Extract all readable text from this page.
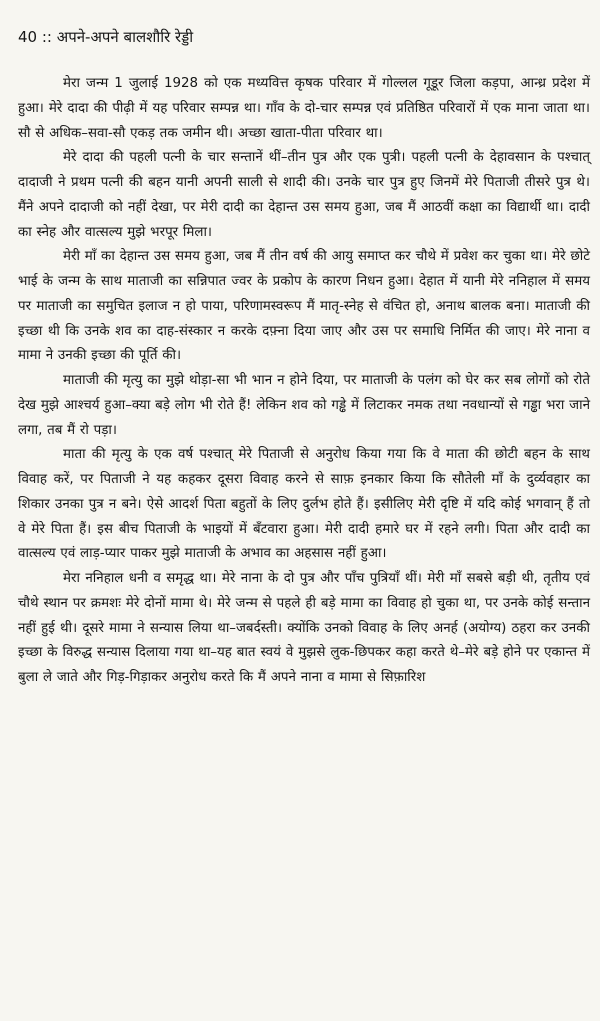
40 :: अपने-अपने बालशौरि रेड्डी

मेरा जन्म 1 जुलाई 1928 को एक मध्यवित्त कृषक परिवार में गोल्लल गूडूर जिला कड़पा, आन्ध्र प्रदेश में हुआ। मेरे दादा की पीढ़ी में यह परिवार सम्पन्न था। गाँव के दो-चार सम्पन्न एवं प्रतिष्ठित परिवारों में एक माना जाता था। सौ से अधिक–सवा-सौ एकड़ तक जमीन थी। अच्छा खाता-पीता परिवार था।

मेरे दादा की पहली पत्नी के चार सन्तानें थीं–तीन पुत्र और एक पुत्री। पहली पत्नी के देहावसान के पश्चात् दादाजी ने प्रथम पत्नी की बहन यानी अपनी साली से शादी की। उनके चार पुत्र हुए जिनमें मेरे पिताजी तीसरे पुत्र थे। मैंने अपने दादाजी को नहीं देखा, पर मेरी दादी का देहान्त उस समय हुआ, जब मैं आठवीं कक्षा का विद्यार्थी था। दादी का स्नेह और वात्सल्य मुझे भरपूर मिला।

मेरी माँ का देहान्त उस समय हुआ, जब मैं तीन वर्ष की आयु समाप्त कर चौथे में प्रवेश कर चुका था। मेरे छोटे भाई के जन्म के साथ माताजी का सन्निपात ज्वर के प्रकोप के कारण निधन हुआ। देहात में यानी मेरे ननिहाल में समय पर माताजी का समुचित इलाज न हो पाया, परिणामस्वरूप मैं मातृ-स्नेह से वंचित हो, अनाथ बालक बना। माताजी की इच्छा थी कि उनके शव का दाह-संस्कार न करके दफ़्ना दिया जाए और उस पर समाधि निर्मित की जाए। मेरे नाना व मामा ने उनकी इच्छा की पूर्ति की।

माताजी की मृत्यु का मुझे थोड़ा-सा भी भान न होने दिया, पर माताजी के पलंग को घेर कर सब लोगों को रोते देख मुझे आश्चर्य हुआ–क्या बड़े लोग भी रोते हैं! लेकिन शव को गड्ढे में लिटाकर नमक तथा नवधान्यों से गड्ढा भरा जाने लगा, तब मैं रो पड़ा।

माता की मृत्यु के एक वर्ष पश्चात् मेरे पिताजी से अनुरोध किया गया कि वे माता की छोटी बहन के साथ विवाह करें, पर पिताजी ने यह कहकर दूसरा विवाह करने से साफ़ इनकार किया कि सौतेली माँ के दुर्व्यवहार का शिकार उनका पुत्र न बने। ऐसे आदर्श पिता बहुतों के लिए दुर्लभ होते हैं। इसीलिए मेरी दृष्टि में यदि कोई भगवान् हैं तो वे मेरे पिता हैं। इस बीच पिताजी के भाइयों में बँटवारा हुआ। मेरी दादी हमारे घर में रहने लगी। पिता और दादी का वात्सल्य एवं लाड़-प्यार पाकर मुझे माताजी के अभाव का अहसास नहीं हुआ।

मेरा ननिहाल धनी व समृद्ध था। मेरे नाना के दो पुत्र और पाँच पुत्रियाँ थीं। मेरी माँ सबसे बड़ी थी, तृतीय एवं चौथे स्थान पर क्रमशः मेरे दोनों मामा थे। मेरे जन्म से पहले ही बड़े मामा का विवाह हो चुका था, पर उनके कोई सन्तान नहीं हुई थी। दूसरे मामा ने सन्यास लिया था–जबर्दस्ती। क्योंकि उनको विवाह के लिए अनर्ह (अयोग्य) ठहरा कर उनकी इच्छा के विरुद्ध सन्यास दिलाया गया था–यह बात स्वयं वे मुझसे लुक-छिपकर कहा करते थे–मेरे बड़े होने पर एकान्त में बुला ले जाते और गिड़-गिड़ाकर अनुरोध करते कि मैं अपने नाना व मामा से सिफ़ारिश
